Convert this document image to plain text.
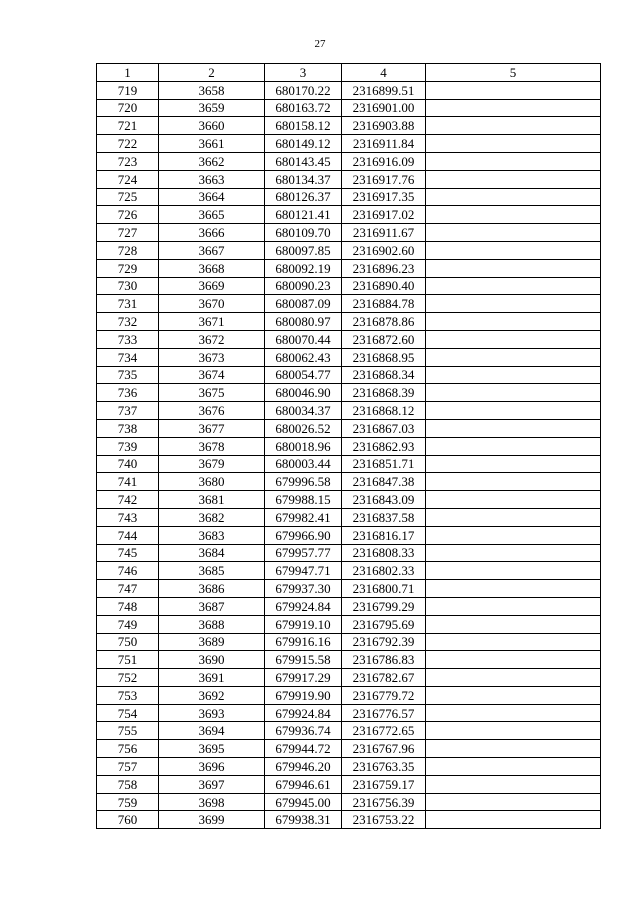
27
1	2	3	4	5
719	3658	680170.22	2316899.51	
720	3659	680163.72	2316901.00	
721	3660	680158.12	2316903.88	
722	3661	680149.12	2316911.84	
723	3662	680143.45	2316916.09	
724	3663	680134.37	2316917.76	
725	3664	680126.37	2316917.35	
726	3665	680121.41	2316917.02	
727	3666	680109.70	2316911.67	
728	3667	680097.85	2316902.60	
729	3668	680092.19	2316896.23	
730	3669	680090.23	2316890.40	
731	3670	680087.09	2316884.78	
732	3671	680080.97	2316878.86	
733	3672	680070.44	2316872.60	
734	3673	680062.43	2316868.95	
735	3674	680054.77	2316868.34	
736	3675	680046.90	2316868.39	
737	3676	680034.37	2316868.12	
738	3677	680026.52	2316867.03	
739	3678	680018.96	2316862.93	
740	3679	680003.44	2316851.71	
741	3680	679996.58	2316847.38	
742	3681	679988.15	2316843.09	
743	3682	679982.41	2316837.58	
744	3683	679966.90	2316816.17	
745	3684	679957.77	2316808.33	
746	3685	679947.71	2316802.33	
747	3686	679937.30	2316800.71	
748	3687	679924.84	2316799.29	
749	3688	679919.10	2316795.69	
750	3689	679916.16	2316792.39	
751	3690	679915.58	2316786.83	
752	3691	679917.29	2316782.67	
753	3692	679919.90	2316779.72	
754	3693	679924.84	2316776.57	
755	3694	679936.74	2316772.65	
756	3695	679944.72	2316767.96	
757	3696	679946.20	2316763.35	
758	3697	679946.61	2316759.17	
759	3698	679945.00	2316756.39	
760	3699	679938.31	2316753.22	
